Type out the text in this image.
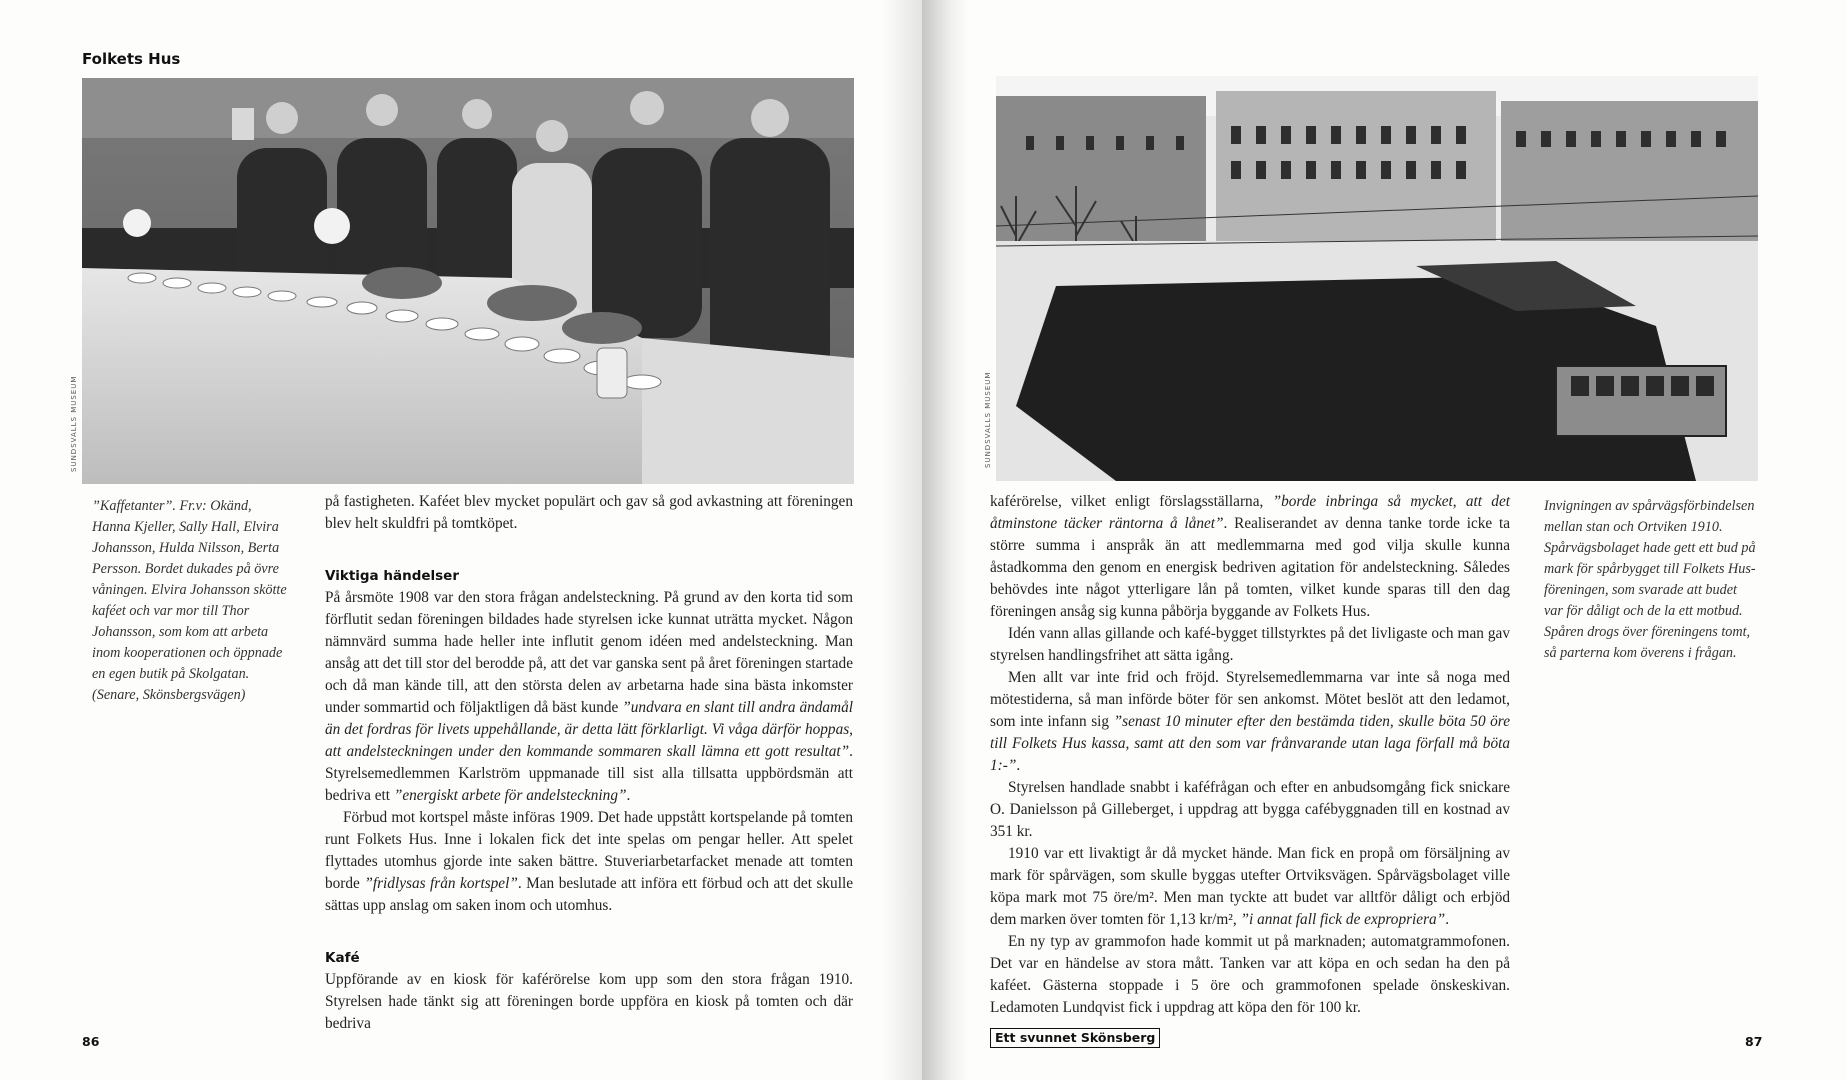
Folkets Hus
SUNDSVALLS MUSEUM
”Kaffetanter”. Fr.v: Okänd, Hanna Kjeller, Sally Hall, Elvira Johansson, Hulda Nilsson, Berta Persson. Bordet dukades på övre våningen. Elvira Johansson skötte kaféet och var mor till Thor Johansson, som kom att arbeta inom kooperationen och öppnade en egen butik på Skolgatan. (Senare, Skönsbergsvägen)

på fastigheten. Kaféet blev mycket populärt och gav så god avkastning att föreningen blev helt skuldfri på tomtköpet.

Viktiga händelser

På årsmöte 1908 var den stora frågan andelsteckning. På grund av den korta tid som förflutit sedan föreningen bildades hade styrelsen icke kunnat uträtta mycket. Någon nämnvärd summa hade heller inte influtit genom idéen med andelsteckning. Man ansåg att det till stor del berodde på, att det var ganska sent på året föreningen startade och då man kände till, att den största delen av arbetarna hade sina bästa inkomster under sommartid och följaktligen då bäst kunde ”undvara en slant till andra ändamål än det fordras för livets uppehållande, är detta lätt förklarligt. Vi våga därför hoppas, att andelsteckningen under den kommande sommaren skall lämna ett gott resultat”. Styrelsemedlemmen Karlström uppmanade till sist alla tillsatta uppbördsmän att bedriva ett ”energiskt arbete för andelsteckning”.

Förbud mot kortspel måste införas 1909. Det hade uppstått kortspelande på tomten runt Folkets Hus. Inne i lokalen fick det inte spelas om pengar heller. Att spelet flyttades utomhus gjorde inte saken bättre. Stuveriarbetarfacket menade att tomten borde ”fridlysas från kortspel”. Man beslutade att införa ett förbud och att det skulle sättas upp anslag om saken inom och utomhus.

Kafé

Uppförande av en kiosk för kaférörelse kom upp som den stora frågan 1910. Styrelsen hade tänkt sig att föreningen borde uppföra en kiosk på tomten och där bedriva

86
SUNDSVALLS MUSEUM

kaférörelse, vilket enligt förslagsställarna, ”borde inbringa så mycket, att det åtminstone täcker räntorna å lånet”. Realiserandet av denna tanke torde icke ta större summa i anspråk än att medlemmarna med god vilja skulle kunna åstadkomma den genom en energisk bedriven agitation för andelsteckning. Således behövdes inte något ytterligare lån på tomten, vilket kunde sparas till den dag föreningen ansåg sig kunna påbörja byggande av Folkets Hus.

Idén vann allas gillande och kafé-bygget tillstyrktes på det livligaste och man gav styrelsen handlingsfrihet att sätta igång.

Men allt var inte frid och fröjd. Styrelsemedlemmarna var inte så noga med mötestiderna, så man införde böter för sen ankomst. Mötet beslöt att den ledamot, som inte infann sig ”senast 10 minuter efter den bestämda tiden, skulle böta 50 öre till Folkets Hus kassa, samt att den som var frånvarande utan laga förfall må böta 1:-”.

Styrelsen handlade snabbt i kaféfrågan och efter en anbudsomgång fick snickare O. Danielsson på Gilleberget, i uppdrag att bygga cafébyggnaden till en kostnad av 351 kr.

1910 var ett livaktigt år då mycket hände. Man fick en propå om försäljning av mark för spårvägen, som skulle byggas utefter Ortviksvägen. Spårvägsbolaget ville köpa mark mot 75 öre/m². Men man tyckte att budet var alltför dåligt och erbjöd dem marken över tomten för 1,13 kr/m², ”i annat fall fick de expropriera”.

En ny typ av grammofon hade kommit ut på marknaden; automatgrammofonen. Det var en händelse av stora mått. Tanken var att köpa en och sedan ha den på kaféet. Gästerna stoppade i 5 öre och grammofonen spelade önskeskivan. Ledamoten Lundqvist fick i uppdrag att köpa den för 100 kr.

Invigningen av spårvägsförbindelsen mellan stan och Ortviken 1910. Spårvägsbolaget hade gett ett bud på mark för spårbygget till Folkets Hus-föreningen, som svarade att budet var för dåligt och de la ett motbud. Spåren drogs över föreningens tomt, så parterna kom överens i frågan.
Ett svunnet Skönsberg	87
